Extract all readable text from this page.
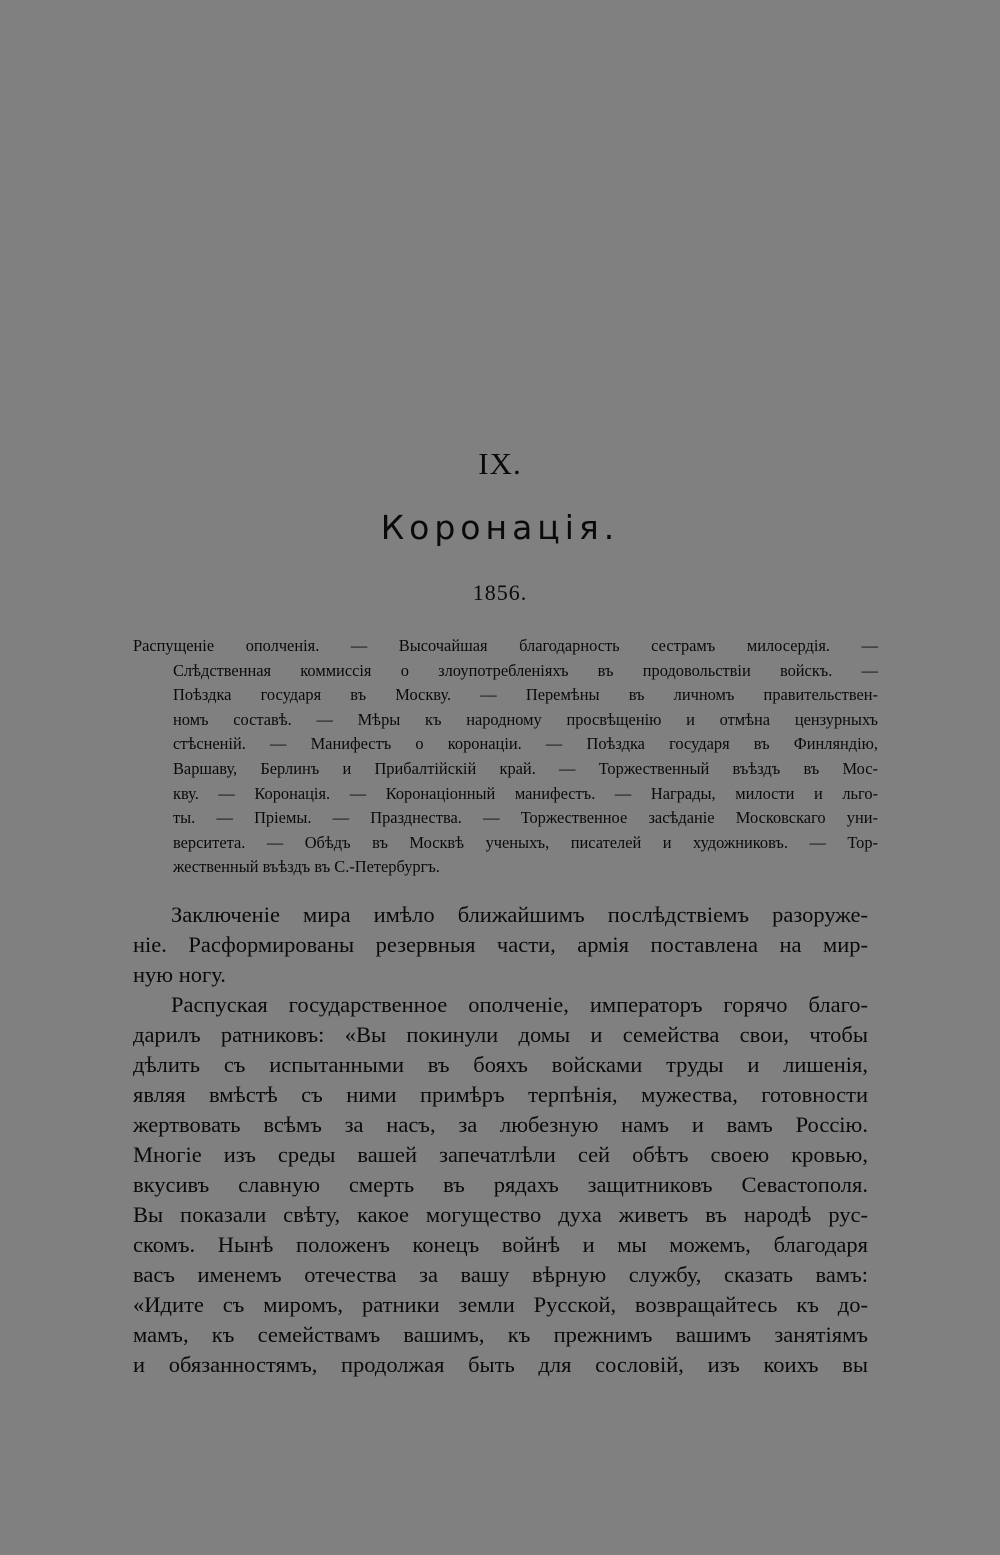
IX.
Коронація.
1856.
Распущеніе ополченія. — Высочайшая благодарность сестрамъ милосердія. —
Слѣдственная коммиссія о злоупотребленіяхъ въ продовольствіи войскъ. —
Поѣздка государя въ Москву. — Перемѣны въ личномъ правительствен-
номъ составѣ. — Мѣры къ народному просвѣщенію и отмѣна цензурныхъ
стѣсненій. — Манифестъ о коронаціи. — Поѣздка государя въ Финляндію,
Варшаву, Берлинъ и Прибалтійскій край. — Торжественный въѣздъ въ Мос-
кву. — Коронація. — Коронаціонный манифестъ. — Награды, милости и льго-
ты. — Пріемы. — Празднества. — Торжественное засѣданіе Московскаго уни-
верситета. — Обѣдъ въ Москвѣ ученыхъ, писателей и художниковъ. — Тор-
жественный въѣздъ въ С.-Петербургъ.
Заключеніе мира имѣло ближайшимъ послѣдствіемъ разоруже-
ніе. Расформированы резервныя части, армія поставлена на мир-
ную ногу.
Распуская государственное ополченіе, императоръ горячо благо-
дарилъ ратниковъ: «Вы покинули домы и семейства свои, чтобы
дѣлить съ испытанными въ бояхъ войсками труды и лишенія,
являя вмѣстѣ съ ними примѣръ терпѣнія, мужества, готовности
жертвовать всѣмъ за насъ, за любезную намъ и вамъ Россію.
Многіе изъ среды вашей запечатлѣли сей обѣтъ своею кровью,
вкусивъ славную смерть въ рядахъ защитниковъ Севастополя.
Вы показали свѣту, какое могущество духа живетъ въ народѣ рус-
скомъ. Нынѣ положенъ конецъ войнѣ и мы можемъ, благодаря
васъ именемъ отечества за вашу вѣрную службу, сказать вамъ:
«Идите съ миромъ, ратники земли Русской, возвращайтесь къ до-
мамъ, къ семействамъ вашимъ, къ прежнимъ вашимъ занятіямъ
и обязанностямъ, продолжая быть для сословій, изъ коихъ вы
